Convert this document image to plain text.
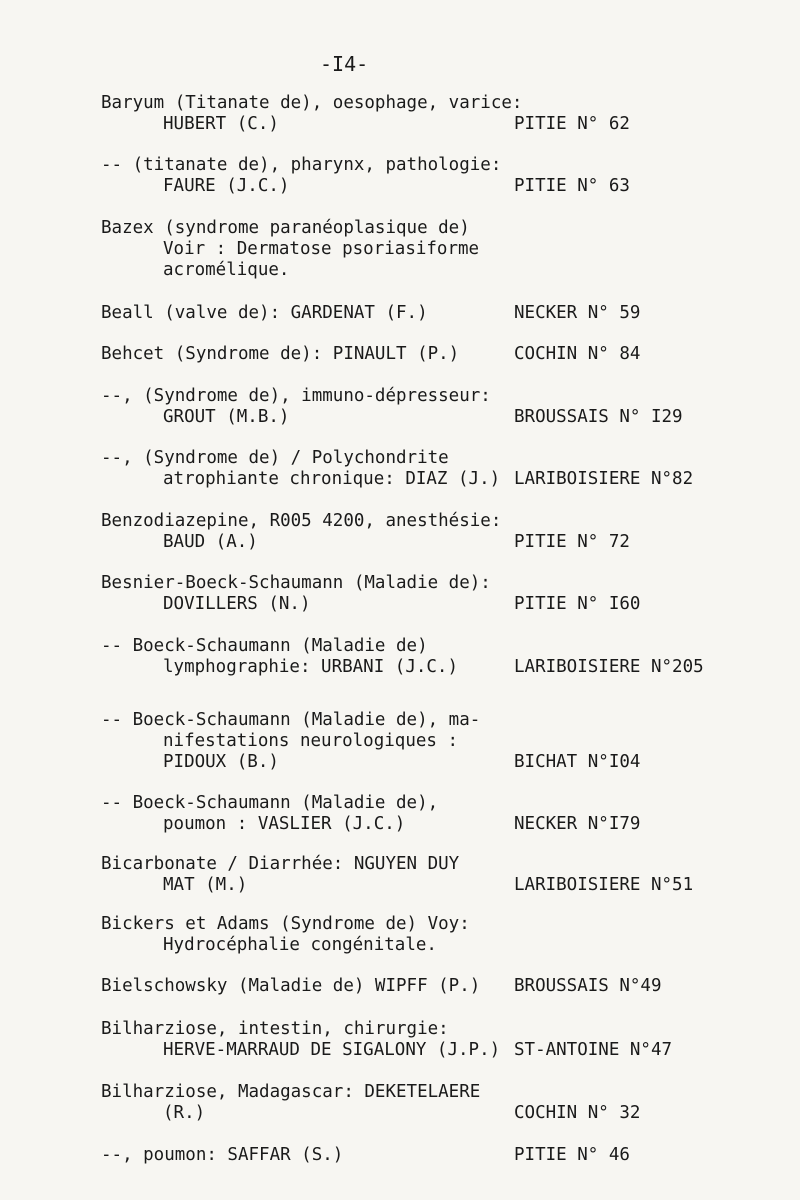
-I4-
Baryum (Titanate de), oesophage, varice:
HUBERT (C.)	PITIE N° 62
-- (titanate de), pharynx, pathologie:
FAURE (J.C.)	PITIE N° 63
Bazex (syndrome paranéoplasique de)
Voir : Dermatose psoriasiforme
acromélique.
Beall (valve de): GARDENAT (F.)	NECKER N° 59
Behcet (Syndrome de): PINAULT (P.)	COCHIN N° 84
--, (Syndrome de), immuno-dépresseur:
GROUT (M.B.)	BROUSSAIS N° I29
--, (Syndrome de) / Polychondrite
atrophiante chronique: DIAZ (J.) LARIBOISIERE N°82
Benzodiazepine, R005 4200, anesthésie:
BAUD (A.)	PITIE N° 72
Besnier-Boeck-Schaumann (Maladie de):
DOVILLERS (N.)	PITIE N° I60
-- Boeck-Schaumann (Maladie de)
lymphographie: URBANI (J.C.)	LARIBOISIERE N°205
-- Boeck-Schaumann (Maladie de), ma-
nifestations neurologiques :
PIDOUX (B.)	BICHAT N°I04
-- Boeck-Schaumann (Maladie de),
poumon : VASLIER (J.C.)	NECKER N°I79
Bicarbonate / Diarrhée: NGUYEN DUY
MAT (M.)	LARIBOISIERE N°51
Bickers et Adams (Syndrome de) Voy:
Hydrocéphalie congénitale.
Bielschowsky (Maladie de) WIPFF (P.) BROUSSAIS N°49
Bilharziose, intestin, chirurgie:
HERVE-MARRAUD DE SIGALONY (J.P.) ST-ANTOINE N°47
Bilharziose, Madagascar: DEKETELAERE
(R.)	COCHIN N° 32
--, poumon: SAFFAR (S.)	PITIE N° 46
